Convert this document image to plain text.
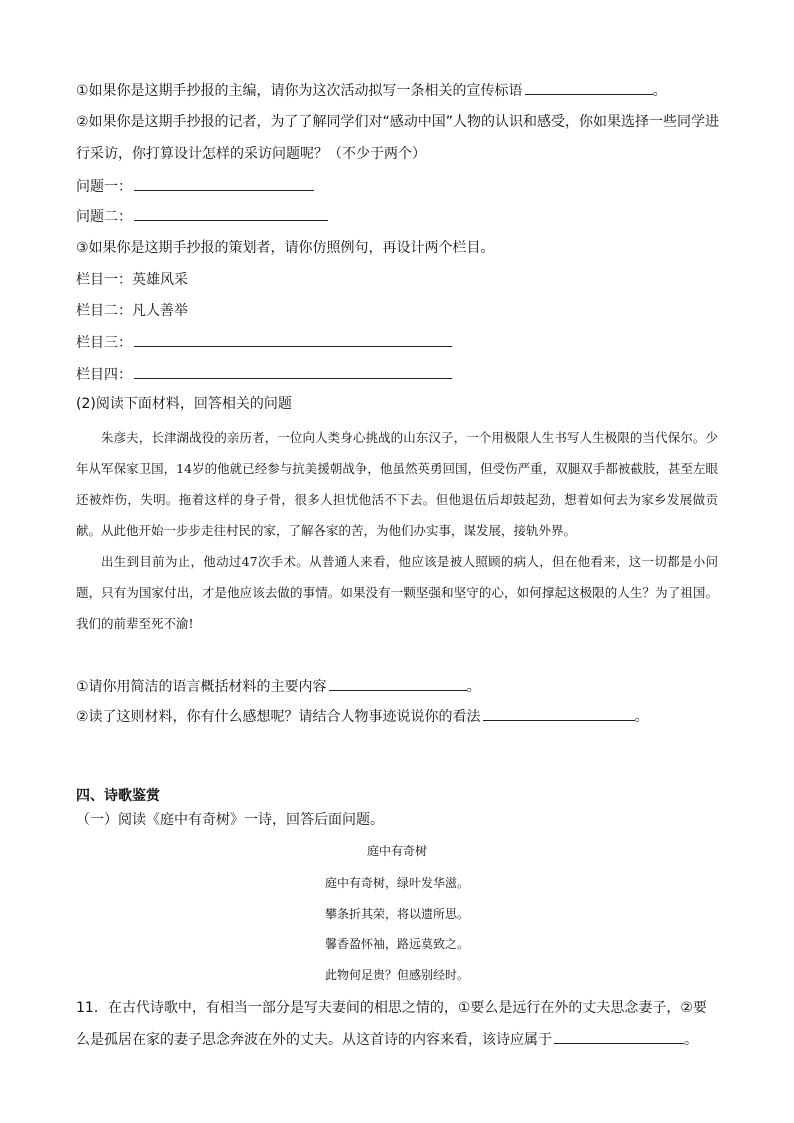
①如果你是这期手抄报的主编，请你为这次活动拟写一条相关的宣传标语	。
②如果你是这期手抄报的记者，为了了解同学们对“感动中国”人物的认识和感受，你如果选择一些同学进
行采访，你打算设计怎样的采访问题呢？（不少于两个）
问题一：
问题二：
③如果你是这期手抄报的策划者，请你仿照例句，再设计两个栏目。
栏目一：英雄风采
栏目二：凡人善举
栏目三：
栏目四：
(2)阅读下面材料，回答相关的问题

朱彦夫，长津湖战役的亲历者，一位向人类身心挑战的山东汉子，一个用极限人生书写人生极限的当代保尔。少年从军保家卫国，14岁的他就已经参与抗美援朝战争，他虽然英勇回国，但受伤严重，双腿双手都被截肢，甚至左眼还被炸伤，失明。拖着这样的身子骨，很多人担忧他活不下去。但他退伍后却鼓起劲，想着如何去为家乡发展做贡献。从此他开始一步步走往村民的家，了解各家的苦，为他们办实事，谋发展，接轨外界。

出生到目前为止，他动过47次手术。从普通人来看，他应该是被人照顾的病人，但在他看来，这一切都是小问题，只有为国家付出，才是他应该去做的事情。如果没有一颗坚强和坚守的心，如何撑起这极限的人生？为了祖国。我们的前辈至死不渝!

①请你用简洁的语言概括材料的主要内容	。
②读了这则材料，你有什么感想呢？请结合人物事迹说说你的看法	。
四、诗歌鉴赏
（一）阅读《庭中有奇树》一诗，回答后面问题。
庭中有奇树
庭中有奇树，绿叶发华滋。
攀条折其荣，将以遗所思。
馨香盈怀袖，路远莫致之。
此物何足贵？但感别经时。
11．在古代诗歌中，有相当一部分是写夫妻间的相思之情的，①要么是远行在外的丈夫思念妻子，②要
么是孤居在家的妻子思念奔波在外的丈夫。从这首诗的内容来看，该诗应属于	。
